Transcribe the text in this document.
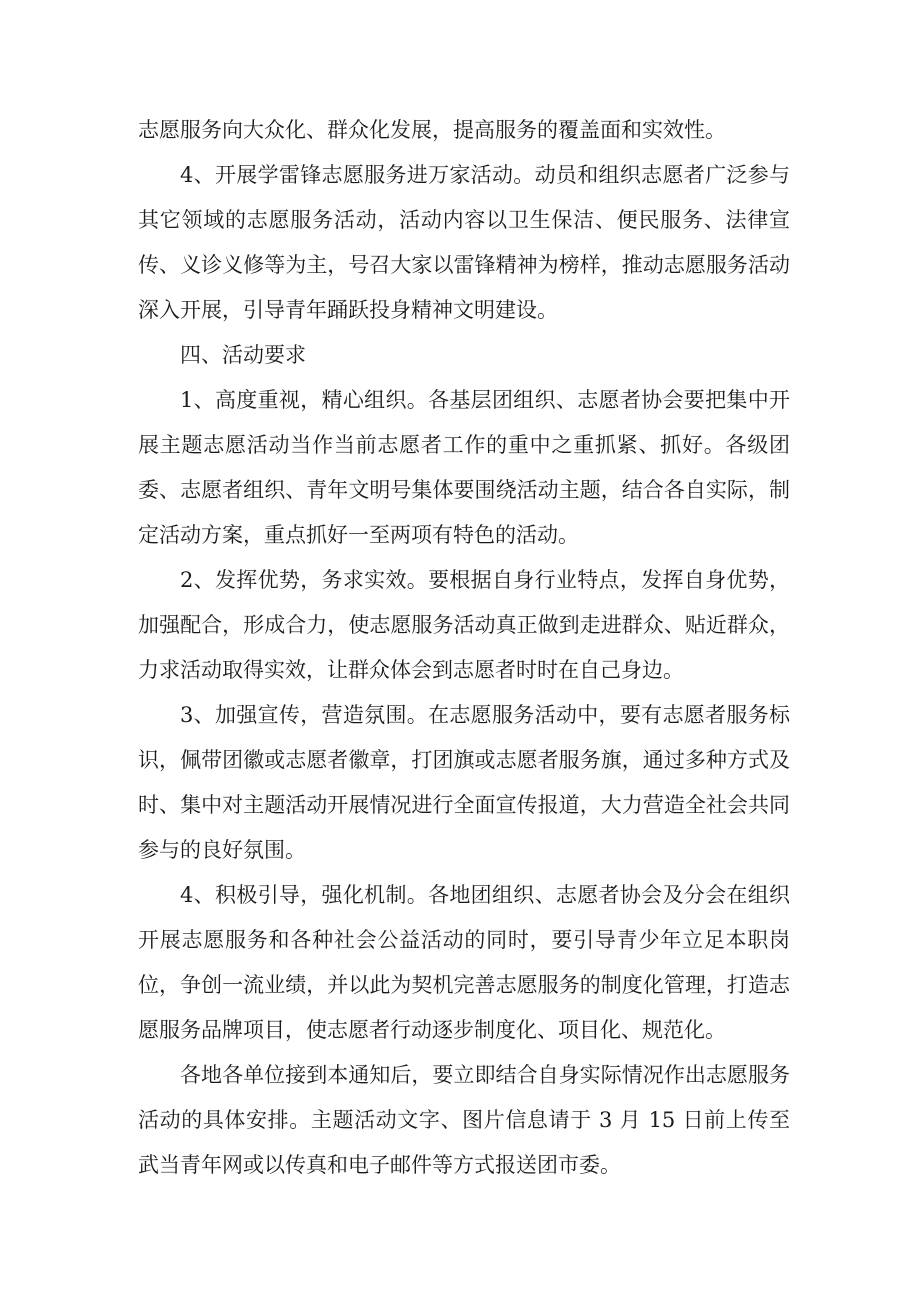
志愿服务向大众化、群众化发展，提高服务的覆盖面和实效性。

4、开展学雷锋志愿服务进万家活动。动员和组织志愿者广泛参与其它领域的志愿服务活动，活动内容以卫生保洁、便民服务、法律宣传、义诊义修等为主，号召大家以雷锋精神为榜样，推动志愿服务活动深入开展，引导青年踊跃投身精神文明建设。

四、活动要求

1、高度重视，精心组织。各基层团组织、志愿者协会要把集中开展主题志愿活动当作当前志愿者工作的重中之重抓紧、抓好。各级团委、志愿者组织、青年文明号集体要围绕活动主题，结合各自实际，制定活动方案，重点抓好一至两项有特色的活动。

2、发挥优势，务求实效。要根据自身行业特点，发挥自身优势，加强配合，形成合力，使志愿服务活动真正做到走进群众、贴近群众，力求活动取得实效，让群众体会到志愿者时时在自己身边。

3、加强宣传，营造氛围。在志愿服务活动中，要有志愿者服务标识，佩带团徽或志愿者徽章，打团旗或志愿者服务旗，通过多种方式及时、集中对主题活动开展情况进行全面宣传报道，大力营造全社会共同参与的良好氛围。

4、积极引导，强化机制。各地团组织、志愿者协会及分会在组织开展志愿服务和各种社会公益活动的同时，要引导青少年立足本职岗位，争创一流业绩，并以此为契机完善志愿服务的制度化管理，打造志愿服务品牌项目，使志愿者行动逐步制度化、项目化、规范化。

各地各单位接到本通知后，要立即结合自身实际情况作出志愿服务活动的具体安排。主题活动文字、图片信息请于 3 月 15 日前上传至武当青年网或以传真和电子邮件等方式报送团市委。
